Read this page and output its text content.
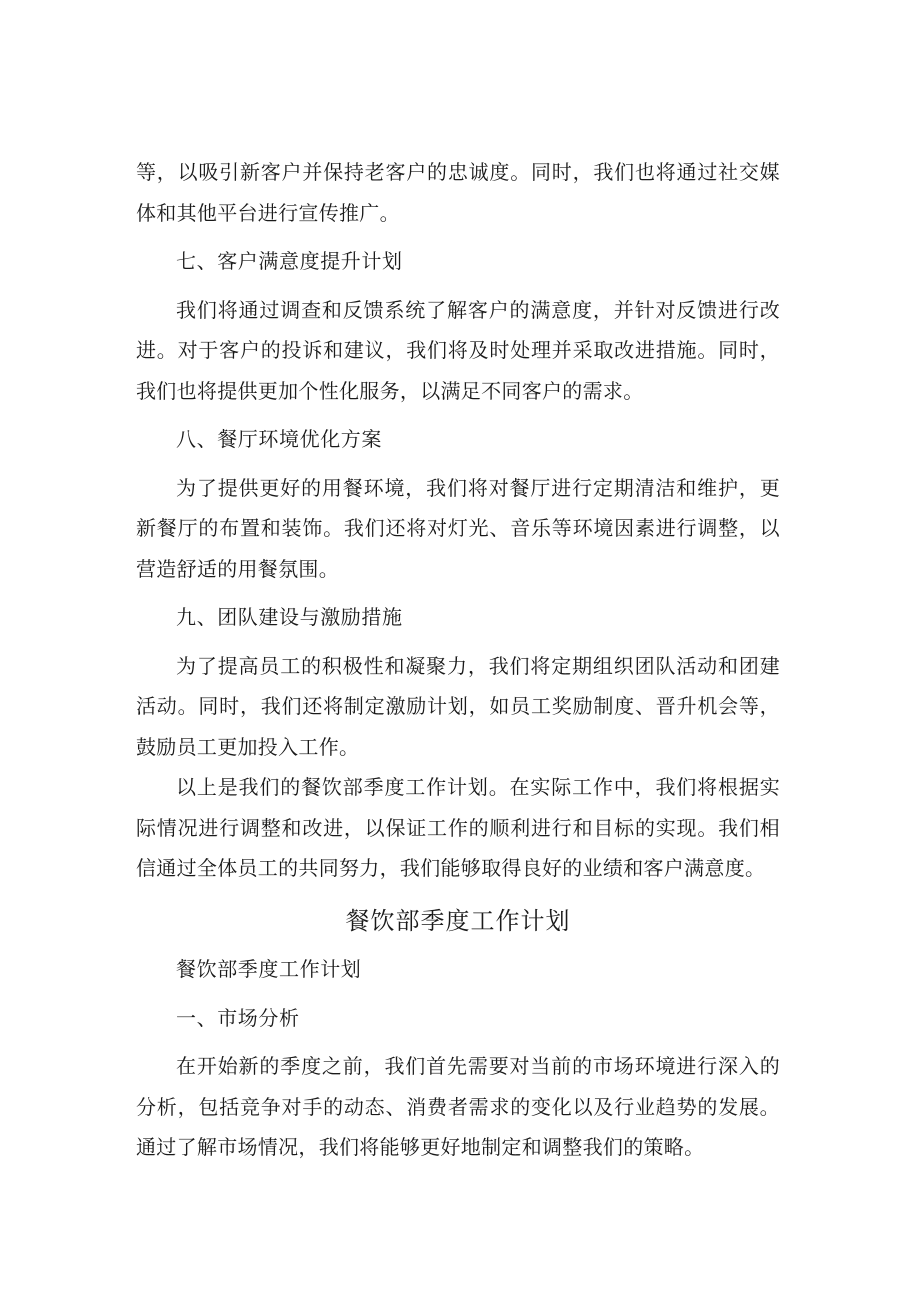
等，以吸引新客户并保持老客户的忠诚度。同时，我们也将通过社交媒体和其他平台进行宣传推广。

七、客户满意度提升计划

我们将通过调查和反馈系统了解客户的满意度，并针对反馈进行改进。对于客户的投诉和建议，我们将及时处理并采取改进措施。同时，我们也将提供更加个性化服务，以满足不同客户的需求。

八、餐厅环境优化方案

为了提供更好的用餐环境，我们将对餐厅进行定期清洁和维护，更新餐厅的布置和装饰。我们还将对灯光、音乐等环境因素进行调整，以营造舒适的用餐氛围。

九、团队建设与激励措施

为了提高员工的积极性和凝聚力，我们将定期组织团队活动和团建活动。同时，我们还将制定激励计划，如员工奖励制度、晋升机会等，鼓励员工更加投入工作。

以上是我们的餐饮部季度工作计划。在实际工作中，我们将根据实际情况进行调整和改进，以保证工作的顺利进行和目标的实现。我们相信通过全体员工的共同努力，我们能够取得良好的业绩和客户满意度。

餐饮部季度工作计划

餐饮部季度工作计划

一、市场分析

在开始新的季度之前，我们首先需要对当前的市场环境进行深入的分析，包括竞争对手的动态、消费者需求的变化以及行业趋势的发展。通过了解市场情况，我们将能够更好地制定和调整我们的策略。
